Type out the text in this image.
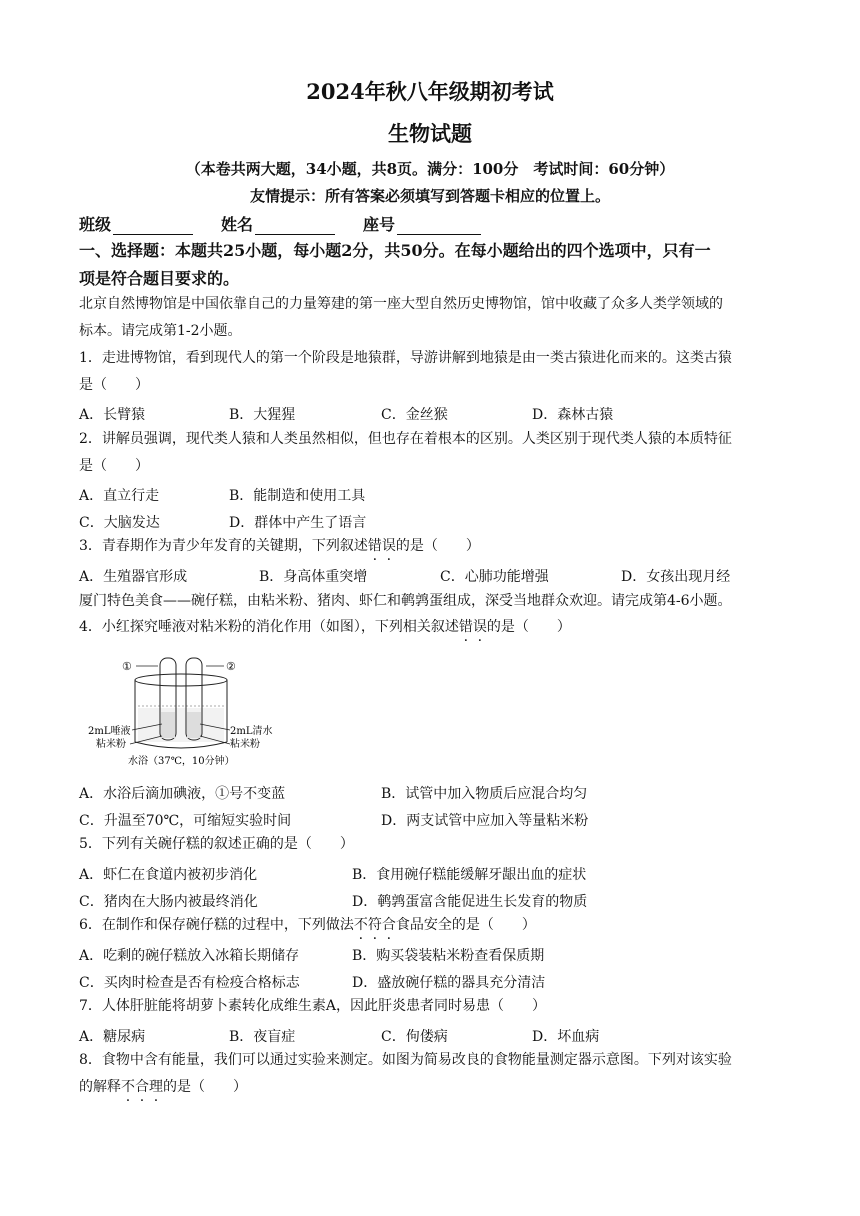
2024年秋八年级期初考试
生物试题
（本卷共两大题，34小题，共8页。满分：100分　考试时间：60分钟）
友情提示：所有答案必须填写到答题卡相应的位置上。
班级	姓名	座号
一、选择题：本题共25小题，每小题2分，共50分。在每小题给出的四个选项中，只有一
项是符合题目要求的。
北京自然博物馆是中国依靠自己的力量筹建的第一座大型自然历史博物馆，馆中收藏了众多人类学领域的
标本。请完成第1-2小题。
1．走进博物馆，看到现代人的第一个阶段是地猿群，导游讲解到地猿是由一类古猿进化而来的。这类古猿
是（　　）
A．长臂猿	B．大猩猩	C．金丝猴	D．森林古猿
2．讲解员强调，现代类人猿和人类虽然相似，但也存在着根本的区别。人类区别于现代类人猿的本质特征
是（　　）
A．直立行走	B．能制造和使用工具
C．大脑发达	D．群体中产生了语言
3．青春期作为青少年发育的关键期，下列叙述错误的是（　　）
A．生殖器官形成	B．身高体重突增	C．心肺功能增强	D．女孩出现月经
厦门特色美食——碗仔糕，由粘米粉、猪肉、虾仁和鹌鹑蛋组成，深受当地群众欢迎。请完成第4-6小题。
4．小红探究唾液对粘米粉的消化作用（如图），下列相关叙述错误的是（　　）
①	②
2mL唾液
粘米粉
2mL清水
粘米粉
水浴（37℃，10分钟）
A．水浴后滴加碘液，①号不变蓝	B．试管中加入物质后应混合均匀
C．升温至70℃，可缩短实验时间	D．两支试管中应加入等量粘米粉
5．下列有关碗仔糕的叙述正确的是（　　）
A．虾仁在食道内被初步消化	B．食用碗仔糕能缓解牙龈出血的症状
C．猪肉在大肠内被最终消化	D．鹌鹑蛋富含能促进生长发育的物质
6．在制作和保存碗仔糕的过程中，下列做法不符合食品安全的是（　　）
A．吃剩的碗仔糕放入冰箱长期储存	B．购买袋装粘米粉查看保质期
C．买肉时检查是否有检疫合格标志	D．盛放碗仔糕的器具充分清洁
7．人体肝脏能将胡萝卜素转化成维生素A，因此肝炎患者同时易患（　　）
A．糖尿病	B．夜盲症	C．佝偻病	D．坏血病
8．食物中含有能量，我们可以通过实验来测定。如图为简易改良的食物能量测定器示意图。下列对该实验
的解释不合理的是（　　）
